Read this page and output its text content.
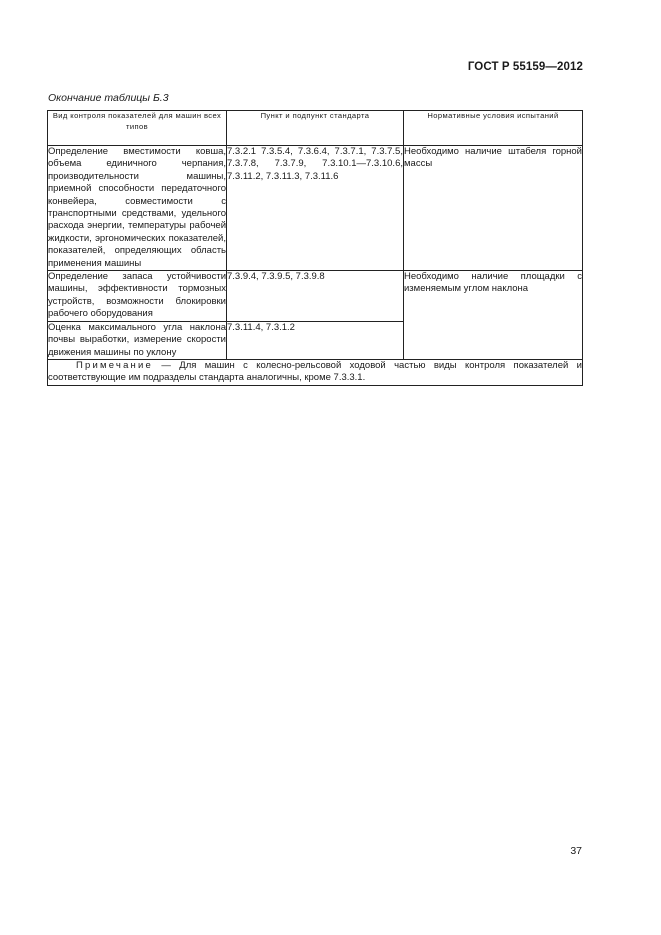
ГОСТ Р 55159—2012
Окончание таблицы Б.3
Вид контроля показателей для машин всех типов	Пункт и подпункт стандарта	Нормативные условия испытаний
Определение вместимости ковша, объема единичного черпания, производительности машины, приемной способности передаточного конвейера, совместимости с транспортными средствами, удельного расхода энергии, температуры рабочей жидкости, эргономических показателей, показателей, определяющих область применения машины	7.3.2.1 7.3.5.4, 7.3.6.4, 7.3.7.1, 7.3.7.5, 7.3.7.8, 7.3.7.9, 7.3.10.1—7.3.10.6, 7.3.11.2, 7.3.11.3, 7.3.11.6	Необходимо наличие штабеля горной массы
Определение запаса устойчивости машины, эффективности тормозных устройств, возможности блокировки рабочего оборудования	7.3.9.4, 7.3.9.5, 7.3.9.8	Необходимо наличие площадки с изменяемым углом наклона
Оценка максимального угла наклона почвы выработки, измерение скорости движения машины по уклону	7.3.11.4, 7.3.1.2	
Примечание — Для машин с колесно-рельсовой ходовой частью виды контроля показателей и соответствующие им подразделы стандарта аналогичны, кроме 7.3.3.1.		
37
